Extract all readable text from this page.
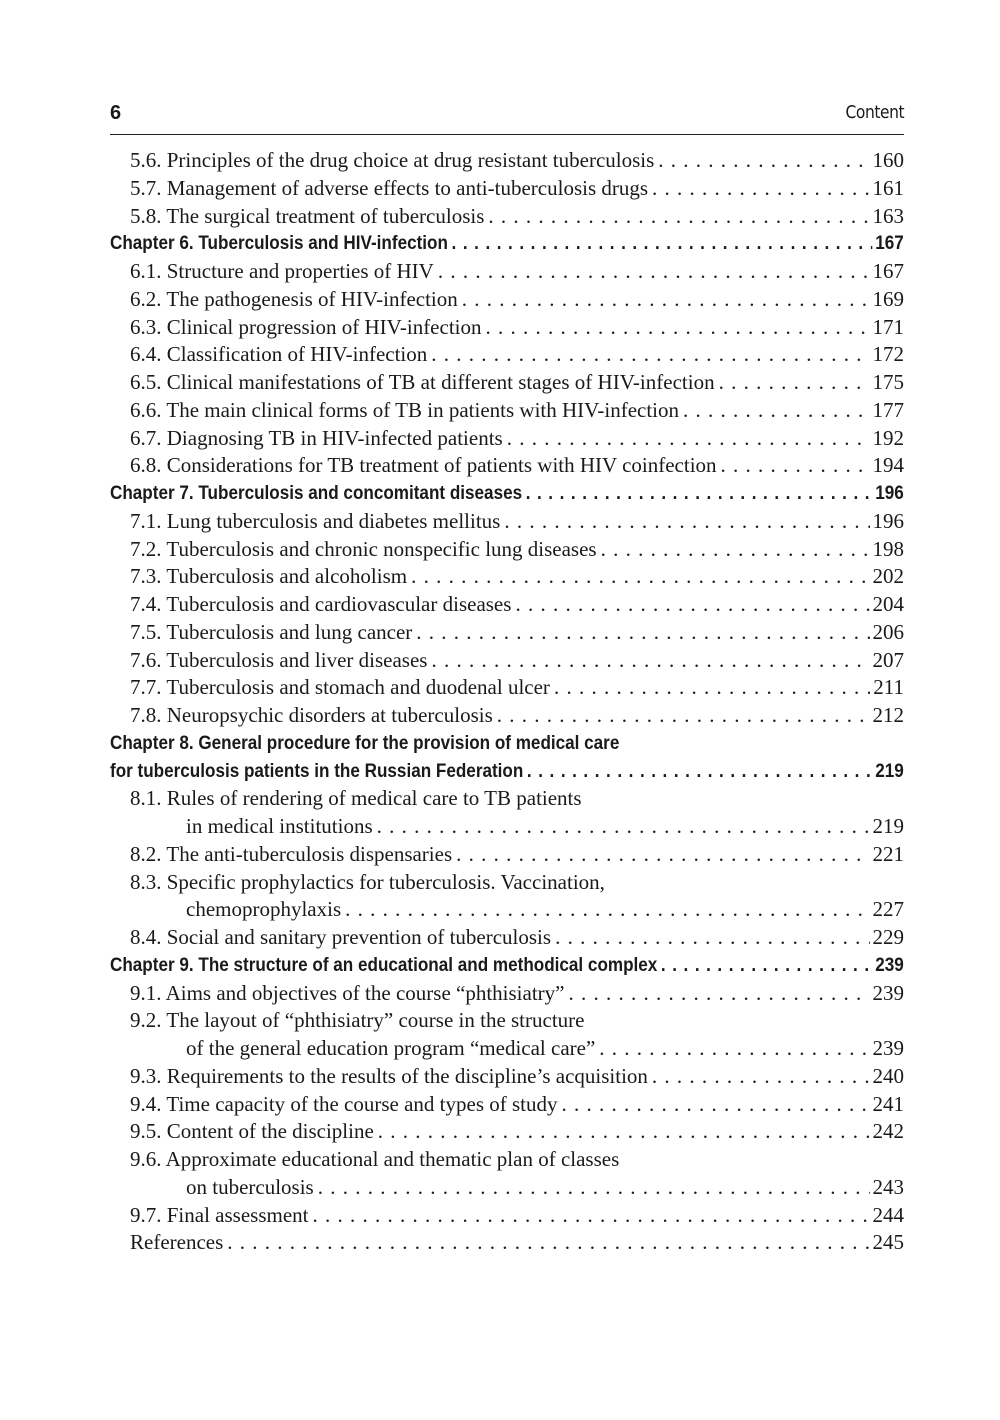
6	Content
5.6. Principles of the drug choice at drug resistant tuberculosis . . .	160
5.7. Management of adverse effects to anti-tuberculosis drugs . . .	161
5.8. The surgical treatment of tuberculosis . . .	163
Chapter 6. Tuberculosis and HIV-infection . . .	167
6.1. Structure and properties of HIV . . .	167
6.2. The pathogenesis of HIV-infection . . .	169
6.3. Clinical progression of HIV-infection . . .	171
6.4. Classification of HIV-infection . . .	172
6.5. Clinical manifestations of TB at different stages of HIV-infection . . .	175
6.6. The main clinical forms of TB in patients with HIV-infection . . .	177
6.7. Diagnosing TB in HIV-infected patients . . .	192
6.8. Considerations for TB treatment of patients with HIV coinfection . . .	194
Chapter 7. Tuberculosis and concomitant diseases . . .	196
7.1. Lung tuberculosis and diabetes mellitus . . .	196
7.2. Tuberculosis and chronic nonspecific lung diseases . . .	198
7.3. Tuberculosis and alcoholism . . .	202
7.4. Tuberculosis and cardiovascular diseases . . .	204
7.5. Tuberculosis and lung cancer . . .	206
7.6. Tuberculosis and liver diseases . . .	207
7.7. Tuberculosis and stomach and duodenal ulcer . . .	211
7.8. Neuropsychic disorders at tuberculosis . . .	212
Chapter 8. General procedure for the provision of medical care
for tuberculosis patients in the Russian Federation . . .	219
8.1. Rules of rendering of medical care to TB patients
in medical institutions . . .	219
8.2. The anti-tuberculosis dispensaries . . .	221
8.3. Specific prophylactics for tuberculosis. Vaccination,
chemoprophylaxis . . .	227
8.4. Social and sanitary prevention of tuberculosis . . .	229
Chapter 9. The structure of an educational and methodical complex . . .	239
9.1. Aims and objectives of the course “phthisiatry” . . .	239
9.2. The layout of “phthisiatry” course in the structure
of the general education program “medical care” . . .	239
9.3. Requirements to the results of the discipline’s acquisition . . .	240
9.4. Time capacity of the course and types of study . . .	241
9.5. Content of the discipline . . .	242
9.6. Approximate educational and thematic plan of classes
on tuberculosis . . .	243
9.7. Final assessment . . .	244
References . . .	245
